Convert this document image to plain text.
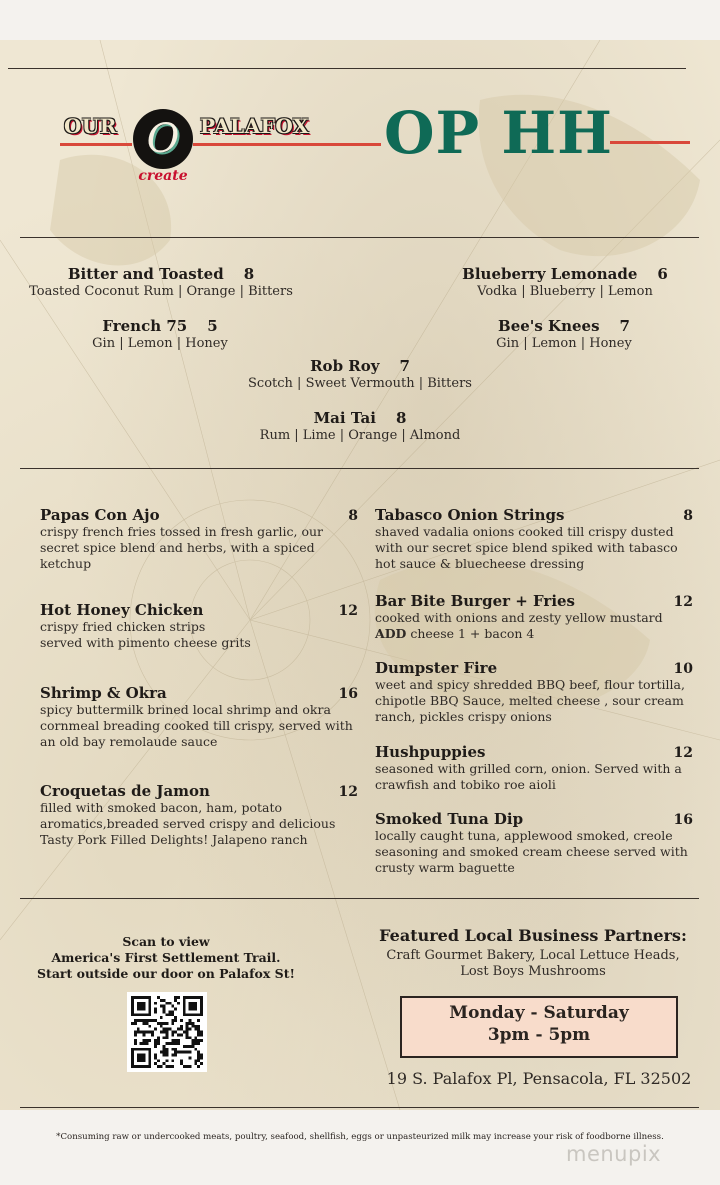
OUR O
create
PALAFOX OP HH
Bitter and Toasted 8
Toasted Coconut Rum | Orange | Bitters
Blueberry Lemonade 6
Vodka | Blueberry | Lemon
French 75 5
Gin | Lemon | Honey
Bee's Knees 7
Gin | Lemon | Honey
Rob Roy 7
Scotch | Sweet Vermouth | Bitters
Mai Tai 8
Rum | Lime | Orange | Almond
Papas Con Ajo	8
crispy french fries tossed in fresh garlic, our secret spice blend and herbs, with a spiced ketchup
Hot Honey Chicken	12
crispy fried chicken strips
served with pimento cheese grits
Shrimp & Okra	16
spicy buttermilk brined local shrimp and okra cornmeal breading cooked till crispy, served with an old bay remolaude sauce
Croquetas de Jamon	12
filled with smoked bacon, ham, potato aromatics,breaded served crispy and delicious Tasty Pork Filled Delights! Jalapeno ranch
Tabasco Onion Strings	8
shaved vadalia onions cooked till crispy dusted with our secret spice blend spiked with tabasco hot sauce & bluecheese dressing
Bar Bite Burger + Fries	12
cooked with onions and zesty yellow mustard
ADD cheese 1 + bacon 4
Dumpster Fire	10
weet and spicy shredded BBQ beef, flour tortilla, chipotle BBQ Sauce, melted cheese , sour cream ranch, pickles crispy onions
Hushpuppies	12
seasoned with grilled corn, onion. Served with a crawfish and tobiko roe aioli
Smoked Tuna Dip	16
locally caught tuna, applewood smoked, creole seasoning and smoked cream cheese served with crusty warm baguette
Scan to view
America's First Settlement Trail.
Start outside our door on Palafox St!
Featured Local Business Partners:
Craft Gourmet Bakery, Local Lettuce Heads,
Lost Boys Mushrooms
Monday - Saturday
3pm - 5pm
19 S. Palafox Pl, Pensacola, FL 32502
*Consuming raw or undercooked meats, poultry, seafood, shellfish, eggs or unpasteurized milk may increase your risk of foodborne illness.
menupix
